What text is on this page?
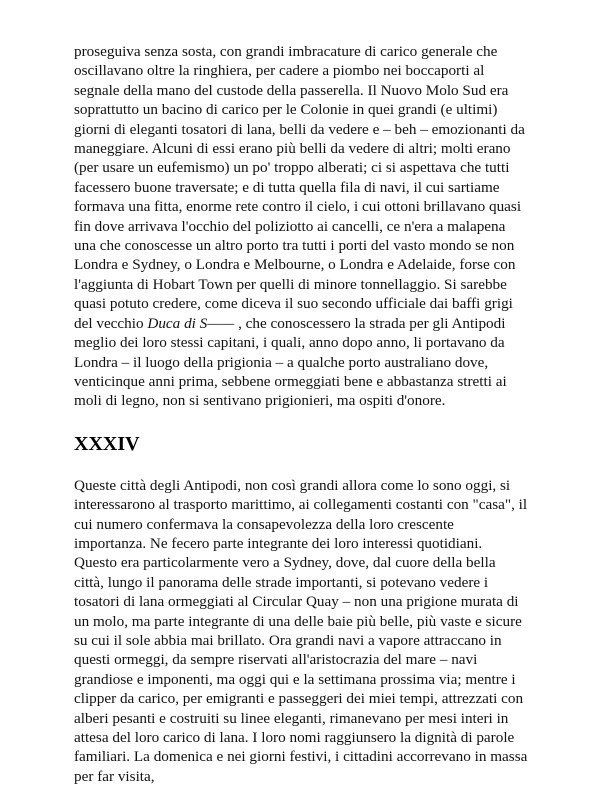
proseguiva senza sosta, con grandi imbracature di carico generale che oscillavano oltre la ringhiera, per cadere a piombo nei boccaporti al segnale della mano del custode della passerella. Il Nuovo Molo Sud era soprattutto un bacino di carico per le Colonie in quei grandi (e ultimi) giorni di eleganti tosatori di lana, belli da vedere e – beh – emozionanti da maneggiare. Alcuni di essi erano più belli da vedere di altri; molti erano (per usare un eufemismo) un po' troppo alberati; ci si aspettava che tutti facessero buone traversate; e di tutta quella fila di navi, il cui sartiame formava una fitta, enorme rete contro il cielo, i cui ottoni brillavano quasi fin dove arrivava l'occhio del poliziotto ai cancelli, ce n'era a malapena una che conoscesse un altro porto tra tutti i porti del vasto mondo se non Londra e Sydney, o Londra e Melbourne, o Londra e Adelaide, forse con l'aggiunta di Hobart Town per quelli di minore tonnellaggio. Si sarebbe quasi potuto credere, come diceva il suo secondo ufficiale dai baffi grigi del vecchio Duca di S—— , che conoscessero la strada per gli Antipodi meglio dei loro stessi capitani, i quali, anno dopo anno, li portavano da Londra – il luogo della prigionia – a qualche porto australiano dove, venticinque anni prima, sebbene ormeggiati bene e abbastanza stretti ai moli di legno, non si sentivano prigionieri, ma ospiti d'onore.

XXXIV

Queste città degli Antipodi, non così grandi allora come lo sono oggi, si interessarono al trasporto marittimo, ai collegamenti costanti con "casa", il cui numero confermava la consapevolezza della loro crescente importanza. Ne fecero parte integrante dei loro interessi quotidiani. Questo era particolarmente vero a Sydney, dove, dal cuore della bella città, lungo il panorama delle strade importanti, si potevano vedere i tosatori di lana ormeggiati al Circular Quay – non una prigione murata di un molo, ma parte integrante di una delle baie più belle, più vaste e sicure su cui il sole abbia mai brillato. Ora grandi navi a vapore attraccano in questi ormeggi, da sempre riservati all'aristocrazia del mare – navi grandiose e imponenti, ma oggi qui e la settimana prossima via; mentre i clipper da carico, per emigranti e passeggeri dei miei tempi, attrezzati con alberi pesanti e costruiti su linee eleganti, rimanevano per mesi interi in attesa del loro carico di lana. I loro nomi raggiunsero la dignità di parole familiari. La domenica e nei giorni festivi, i cittadini accorrevano in massa per far visita,
